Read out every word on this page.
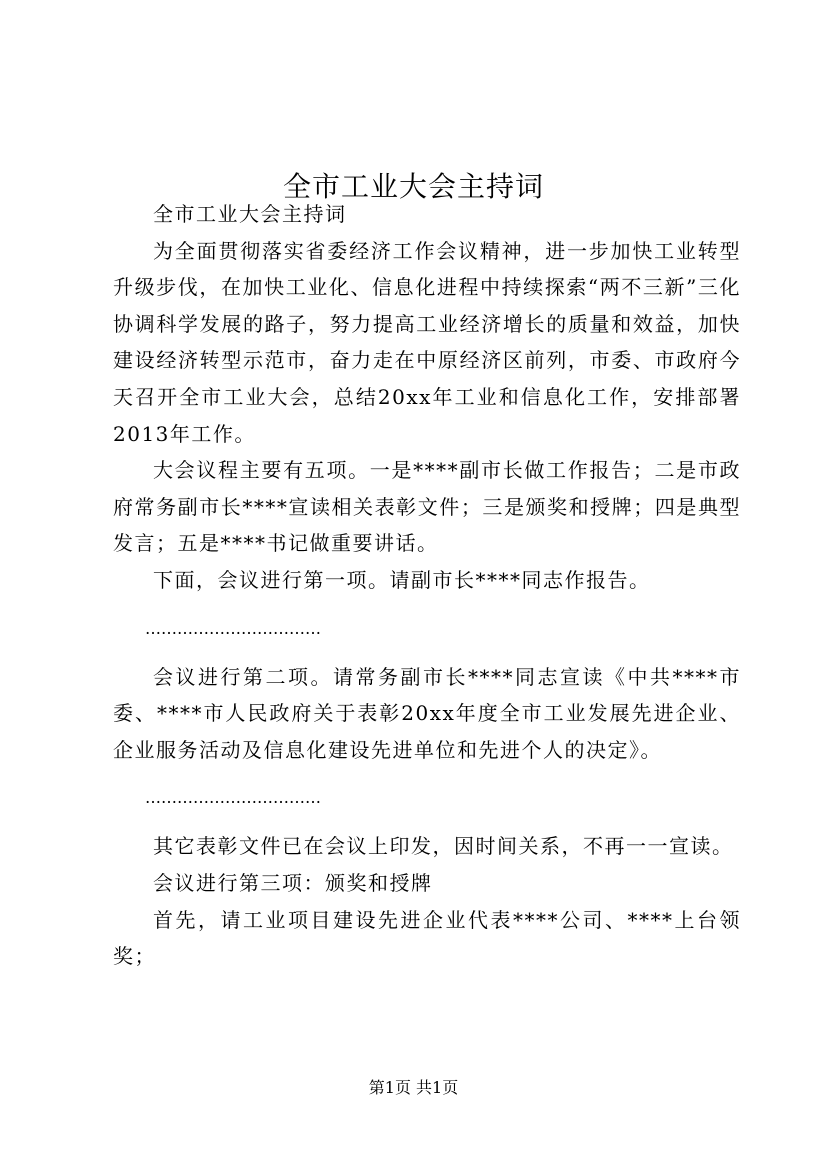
全市工业大会主持词

全市工业大会主持词

为全面贯彻落实省委经济工作会议精神，进一步加快工业转型升级步伐，在加快工业化、信息化进程中持续探索“两不三新”三化协调科学发展的路子，努力提高工业经济增长的质量和效益，加快建设经济转型示范市，奋力走在中原经济区前列，市委、市政府今天召开全市工业大会，总结20xx年工业和信息化工作，安排部署2013年工作。

大会议程主要有五项。一是****副市长做工作报告；二是市政府常务副市长****宣读相关表彰文件；三是颁奖和授牌；四是典型发言；五是****书记做重要讲话。

下面，会议进行第一项。请副市长****同志作报告。

……………………………

会议进行第二项。请常务副市长****同志宣读《中共****市委、****市人民政府关于表彰20xx年度全市工业发展先进企业、企业服务活动及信息化建设先进单位和先进个人的决定》。

……………………………

其它表彰文件已在会议上印发，因时间关系，不再一一宣读。

会议进行第三项：颁奖和授牌

首先，请工业项目建设先进企业代表****公司、****上台领奖；

第1页 共1页
